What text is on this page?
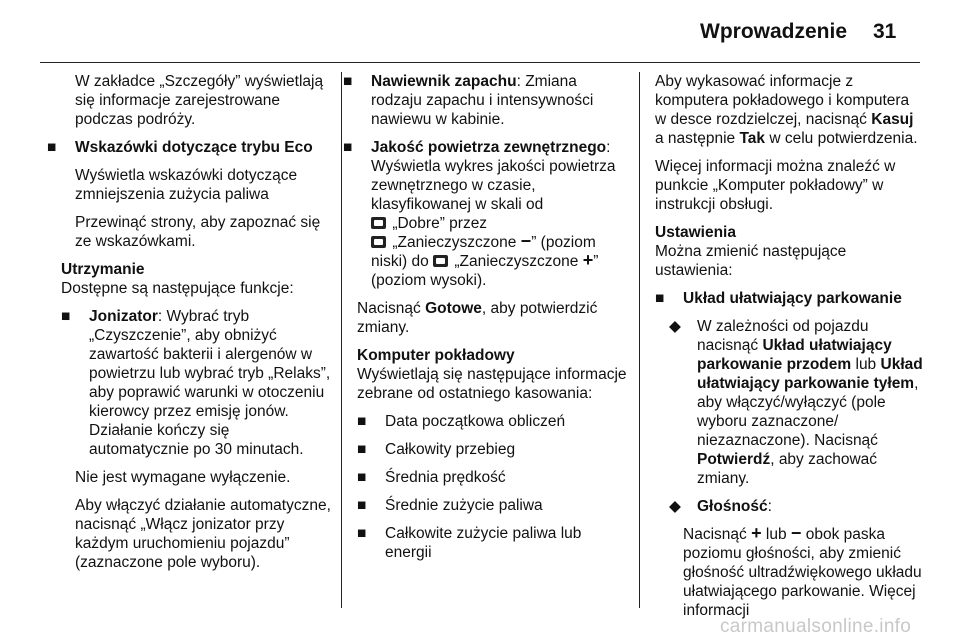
Wprowadzenie 31

W zakładce „Szczegóły” wyświetlają się informacje zarejestrowane podczas podróży.

■ Wskazówki dotyczące trybu Eco

Wyświetla wskazówki dotyczące zmniejszenia zużycia paliwa

Przewinąć strony, aby zapoznać się ze wskazówkami.

Utrzymanie

Dostępne są następujące funkcje:

■ Jonizator: Wybrać tryb „Czyszczenie”, aby obniżyć zawartość bakterii i alergenów w powietrzu lub wybrać tryb „Relaks”, aby poprawić warunki w otoczeniu kierowcy przez emisję jonów. Działanie kończy się automatycznie po 30 minutach.

Nie jest wymagane wyłączenie.

Aby włączyć działanie automatyczne, nacisnąć „Włącz jonizator przy każdym uruchomieniu pojazdu” (zaznaczone pole wyboru).

■ Nawiewnik zapachu: Zmiana rodzaju zapachu i intensywności nawiewu w kabinie.

■ Jakość powietrza zewnętrznego: Wyświetla wykres jakości powietrza zewnętrznego w czasie, klasyfikowanej w skali od
„Dobre” przez
„Zanieczyszczone −” (poziom niski) do  „Zanieczyszczone +” (poziom wysoki).

Nacisnąć Gotowe, aby potwierdzić zmiany.

Komputer pokładowy

Wyświetlają się następujące informacje zebrane od ostatniego kasowania:

■ Data początkowa obliczeń

■ Całkowity przebieg

■ Średnia prędkość

■ Średnie zużycie paliwa

■ Całkowite zużycie paliwa lub energii

Aby wykasować informacje z komputera pokładowego i komputera w desce rozdzielczej, nacisnąć Kasuj a następnie Tak w celu potwierdzenia.

Więcej informacji można znaleźć w punkcie „Komputer pokładowy” w instrukcji obsługi.

Ustawienia

Można zmienić następujące ustawienia:

■ Układ ułatwiający parkowanie

◆ W zależności od pojazdu nacisnąć Układ ułatwiający parkowanie przodem lub Układ ułatwiający parkowanie tyłem, aby włączyć/wyłączyć (pole wyboru zaznaczone/ niezaznaczone). Nacisnąć Potwierdź, aby zachować zmiany.

◆ Głośność:

Nacisnąć + lub − obok paska poziomu głośności, aby zmienić głośność ultradźwiękowego układu ułatwiającego parkowanie. Więcej informacji

carmanualsonline.info
